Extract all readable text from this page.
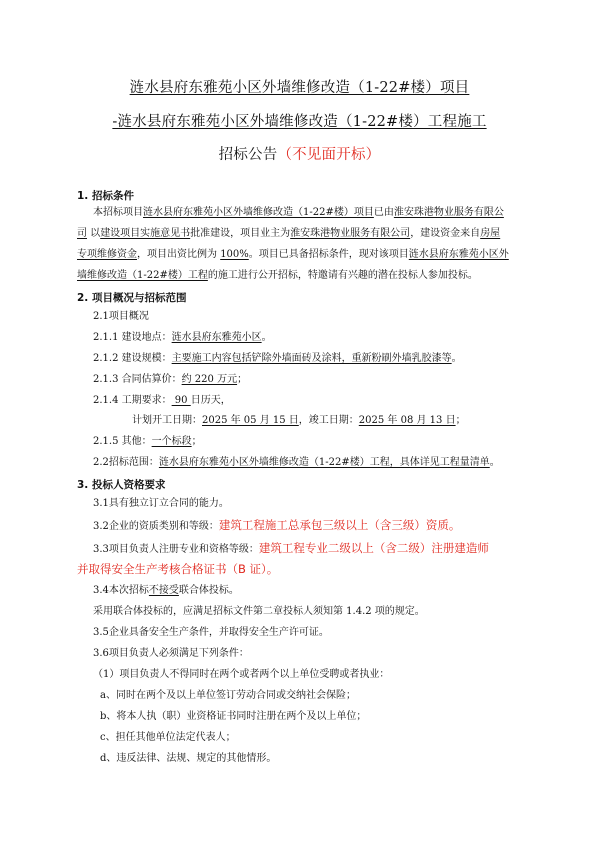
涟水县府东雅苑小区外墙维修改造（1-22#楼）项目
-涟水县府东雅苑小区外墙维修改造（1-22#楼）工程施工
招标公告（不见面开标）
1. 招标条件
本招标项目涟水县府东雅苑小区外墙维修改造（1-22#楼）项目已由淮安珠港物业服务有限公
司 以建设项目实施意见书批准建设，项目业主为淮安珠港物业服务有限公司，建设资金来自房屋
专项维修资金，项目出资比例为 100%。项目已具备招标条件，现对该项目涟水县府东雅苑小区外
墙维修改造（1-22#楼）工程的施工进行公开招标，特邀请有兴趣的潜在投标人参加投标。
2. 项目概况与招标范围
2.1项目概况
2.1.1 建设地点：涟水县府东雅苑小区。
2.1.2 建设规模：主要施工内容包括铲除外墙面砖及涂料，重新粉刷外墙乳胶漆等。
2.1.3 合同估算价：约 220 万元；
2.1.4 工期要求： 90 日历天，
计划开工日期：2025 年 05 月 15 日，竣工日期：2025 年 08 月 13 日；
2.1.5 其他：一个标段；
2.2招标范围：涟水县府东雅苑小区外墙维修改造（1-22#楼）工程，具体详见工程量清单。
3. 投标人资格要求
3.1具有独立订立合同的能力。
3.2企业的资质类别和等级：建筑工程施工总承包三级以上（含三级）资质。
3.3项目负责人注册专业和资格等级：建筑工程专业二级以上（含二级）注册建造师
并取得安全生产考核合格证书（B 证）。
3.4本次招标不接受联合体投标。
采用联合体投标的，应满足招标文件第二章投标人须知第 1.4.2 项的规定。
3.5企业具备安全生产条件，并取得安全生产许可证。
3.6项目负责人必须满足下列条件：
（1）项目负责人不得同时在两个或者两个以上单位受聘或者执业：
a、同时在两个及以上单位签订劳动合同或交纳社会保险；
b、将本人执（职）业资格证书同时注册在两个及以上单位；
c、担任其他单位法定代表人；
d、违反法律、法规、规定的其他情形。
